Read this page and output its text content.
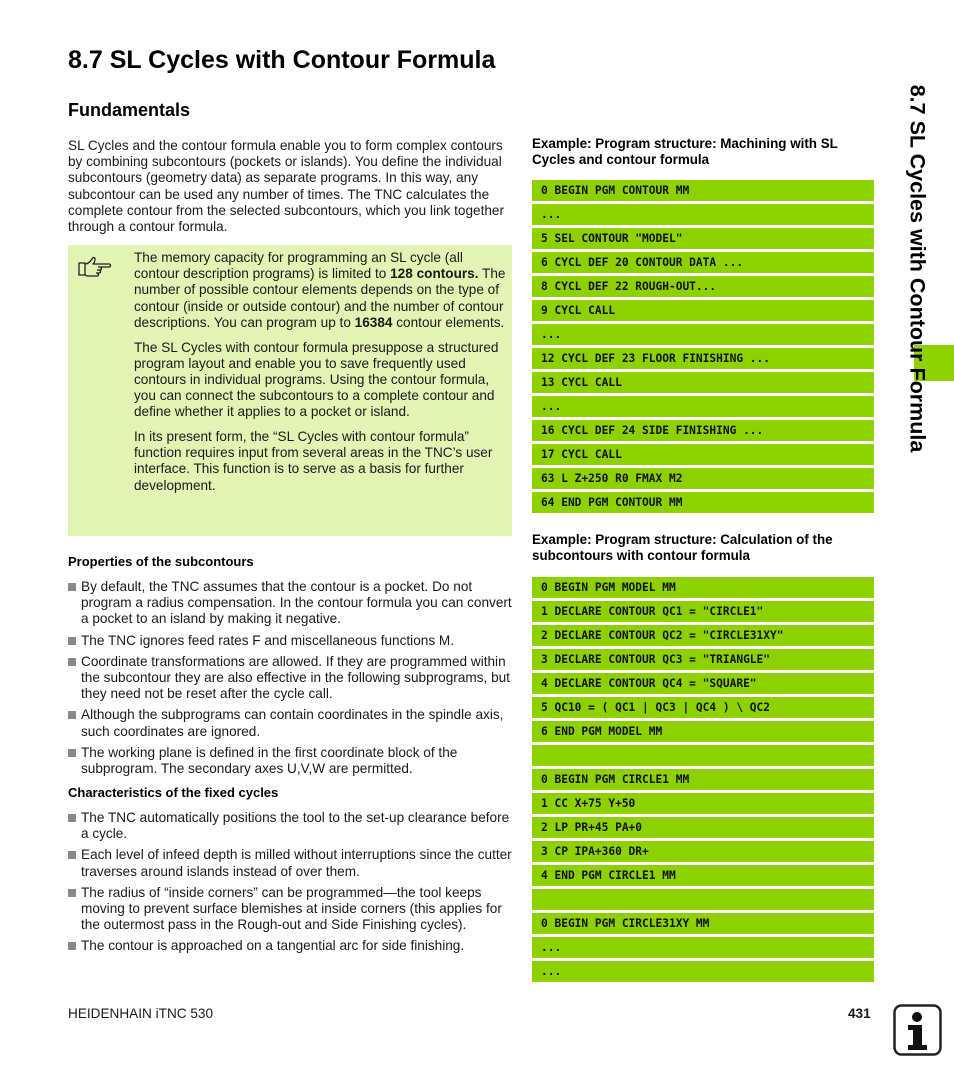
8.7 SL Cycles with Contour Formula
Fundamentals

SL Cycles and the contour formula enable you to form complex contours by combining subcontours (pockets or islands). You define the individual subcontours (geometry data) as separate programs. In this way, any subcontour can be used any number of times. The TNC calculates the complete contour from the selected subcontours, which you link together through a contour formula.

The memory capacity for programming an SL cycle (all contour description programs) is limited to 128 contours. The number of possible contour elements depends on the type of contour (inside or outside contour) and the number of contour descriptions. You can program up to 16384 contour elements.

The SL Cycles with contour formula presuppose a structured program layout and enable you to save frequently used contours in individual programs. Using the contour formula, you can connect the subcontours to a complete contour and define whether it applies to a pocket or island.

In its present form, the “SL Cycles with contour formula” function requires input from several areas in the TNC’s user interface. This function is to serve as a basis for further development.

Properties of the subcontours
By default, the TNC assumes that the contour is a pocket. Do not program a radius compensation. In the contour formula you can convert a pocket to an island by making it negative.
The TNC ignores feed rates F and miscellaneous functions M.
Coordinate transformations are allowed. If they are programmed within the subcontour they are also effective in the following subprograms, but they need not be reset after the cycle call.
Although the subprograms can contain coordinates in the spindle axis, such coordinates are ignored.
The working plane is defined in the first coordinate block of the subprogram. The secondary axes U,V,W are permitted.
Characteristics of the fixed cycles
The TNC automatically positions the tool to the set-up clearance before a cycle.
Each level of infeed depth is milled without interruptions since the cutter traverses around islands instead of over them.
The radius of “inside corners” can be programmed—the tool keeps moving to prevent surface blemishes at inside corners (this applies for the outermost pass in the Rough-out and Side Finishing cycles).
The contour is approached on a tangential arc for side finishing.

Example: Program structure: Machining with SL Cycles and contour formula

0 BEGIN PGM CONTOUR MM
...
5 SEL CONTOUR "MODEL"
6 CYCL DEF 20 CONTOUR DATA ...
8 CYCL DEF 22 ROUGH-OUT...
9 CYCL CALL
...
12 CYCL DEF 23 FLOOR FINISHING ...
13 CYCL CALL
...
16 CYCL DEF 24 SIDE FINISHING ...
17 CYCL CALL
63 L Z+250 R0 FMAX M2
64 END PGM CONTOUR MM

Example: Program structure: Calculation of the subcontours with contour formula

0 BEGIN PGM MODEL MM
1 DECLARE CONTOUR QC1 = "CIRCLE1"
2 DECLARE CONTOUR QC2 = "CIRCLE31XY"
3 DECLARE CONTOUR QC3 = "TRIANGLE"
4 DECLARE CONTOUR QC4 = "SQUARE"
5 QC10 = ( QC1 | QC3 | QC4 ) \ QC2
6 END PGM MODEL MM
0 BEGIN PGM CIRCLE1 MM
1 CC X+75 Y+50
2 LP PR+45 PA+0
3 CP IPA+360 DR+
4 END PGM CIRCLE1 MM
0 BEGIN PGM CIRCLE31XY MM
...
...
8.7 SL Cycles with Contour Formula

HEIDENHAIN iTNC 530	431
